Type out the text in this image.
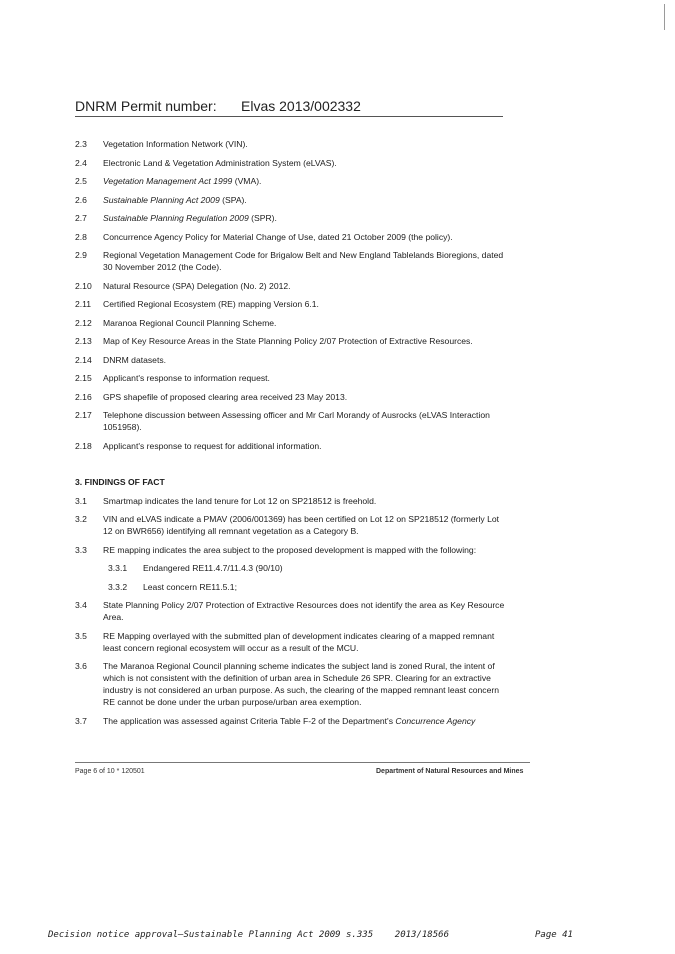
DNRM Permit number: Elvas 2013/002332
2.3 Vegetation Information Network (VIN).
2.4 Electronic Land & Vegetation Administration System (eLVAS).
2.5 Vegetation Management Act 1999 (VMA).
2.6 Sustainable Planning Act 2009 (SPA).
2.7 Sustainable Planning Regulation 2009 (SPR).
2.8 Concurrence Agency Policy for Material Change of Use, dated 21 October 2009 (the policy).
2.9 Regional Vegetation Management Code for Brigalow Belt and New England Tablelands Bioregions, dated 30 November 2012 (the Code).
2.10 Natural Resource (SPA) Delegation (No. 2) 2012.
2.11 Certified Regional Ecosystem (RE) mapping Version 6.1.
2.12 Maranoa Regional Council Planning Scheme.
2.13 Map of Key Resource Areas in the State Planning Policy 2/07 Protection of Extractive Resources.
2.14 DNRM datasets.
2.15 Applicant's response to information request.
2.16 GPS shapefile of proposed clearing area received 23 May 2013.
2.17 Telephone discussion between Assessing officer and Mr Carl Morandy of Ausrocks (eLVAS Interaction 1051958).
2.18 Applicant's response to request for additional information.
3. FINDINGS OF FACT
3.1 Smartmap indicates the land tenure for Lot 12 on SP218512 is freehold.
3.2 VIN and eLVAS indicate a PMAV (2006/001369) has been certified on Lot 12 on SP218512 (formerly Lot 12 on BWR656) identifying all remnant vegetation as a Category B.
3.3 RE mapping indicates the area subject to the proposed development is mapped with the following:
3.3.1 Endangered RE11.4.7/11.4.3 (90/10)
3.3.2 Least concern RE11.5.1;
3.4 State Planning Policy 2/07 Protection of Extractive Resources does not identify the area as Key Resource Area.
3.5 RE Mapping overlayed with the submitted plan of development indicates clearing of a mapped remnant least concern regional ecosystem will occur as a result of the MCU.
3.6 The Maranoa Regional Council planning scheme indicates the subject land is zoned Rural, the intent of which is not consistent with the definition of urban area in Schedule 26 SPR. Clearing for an extractive industry is not considered an urban purpose. As such, the clearing of the mapped remnant least concern RE cannot be done under the urban purpose/urban area exemption.
3.7 The application was assessed against Criteria Table F-2 of the Department's Concurrence Agency
Page 6 of 10 * 120501	Department of Natural Resources and Mines
Decision notice approval—Sustainable Planning Act 2009 s.335 2013/18566	Page 41
